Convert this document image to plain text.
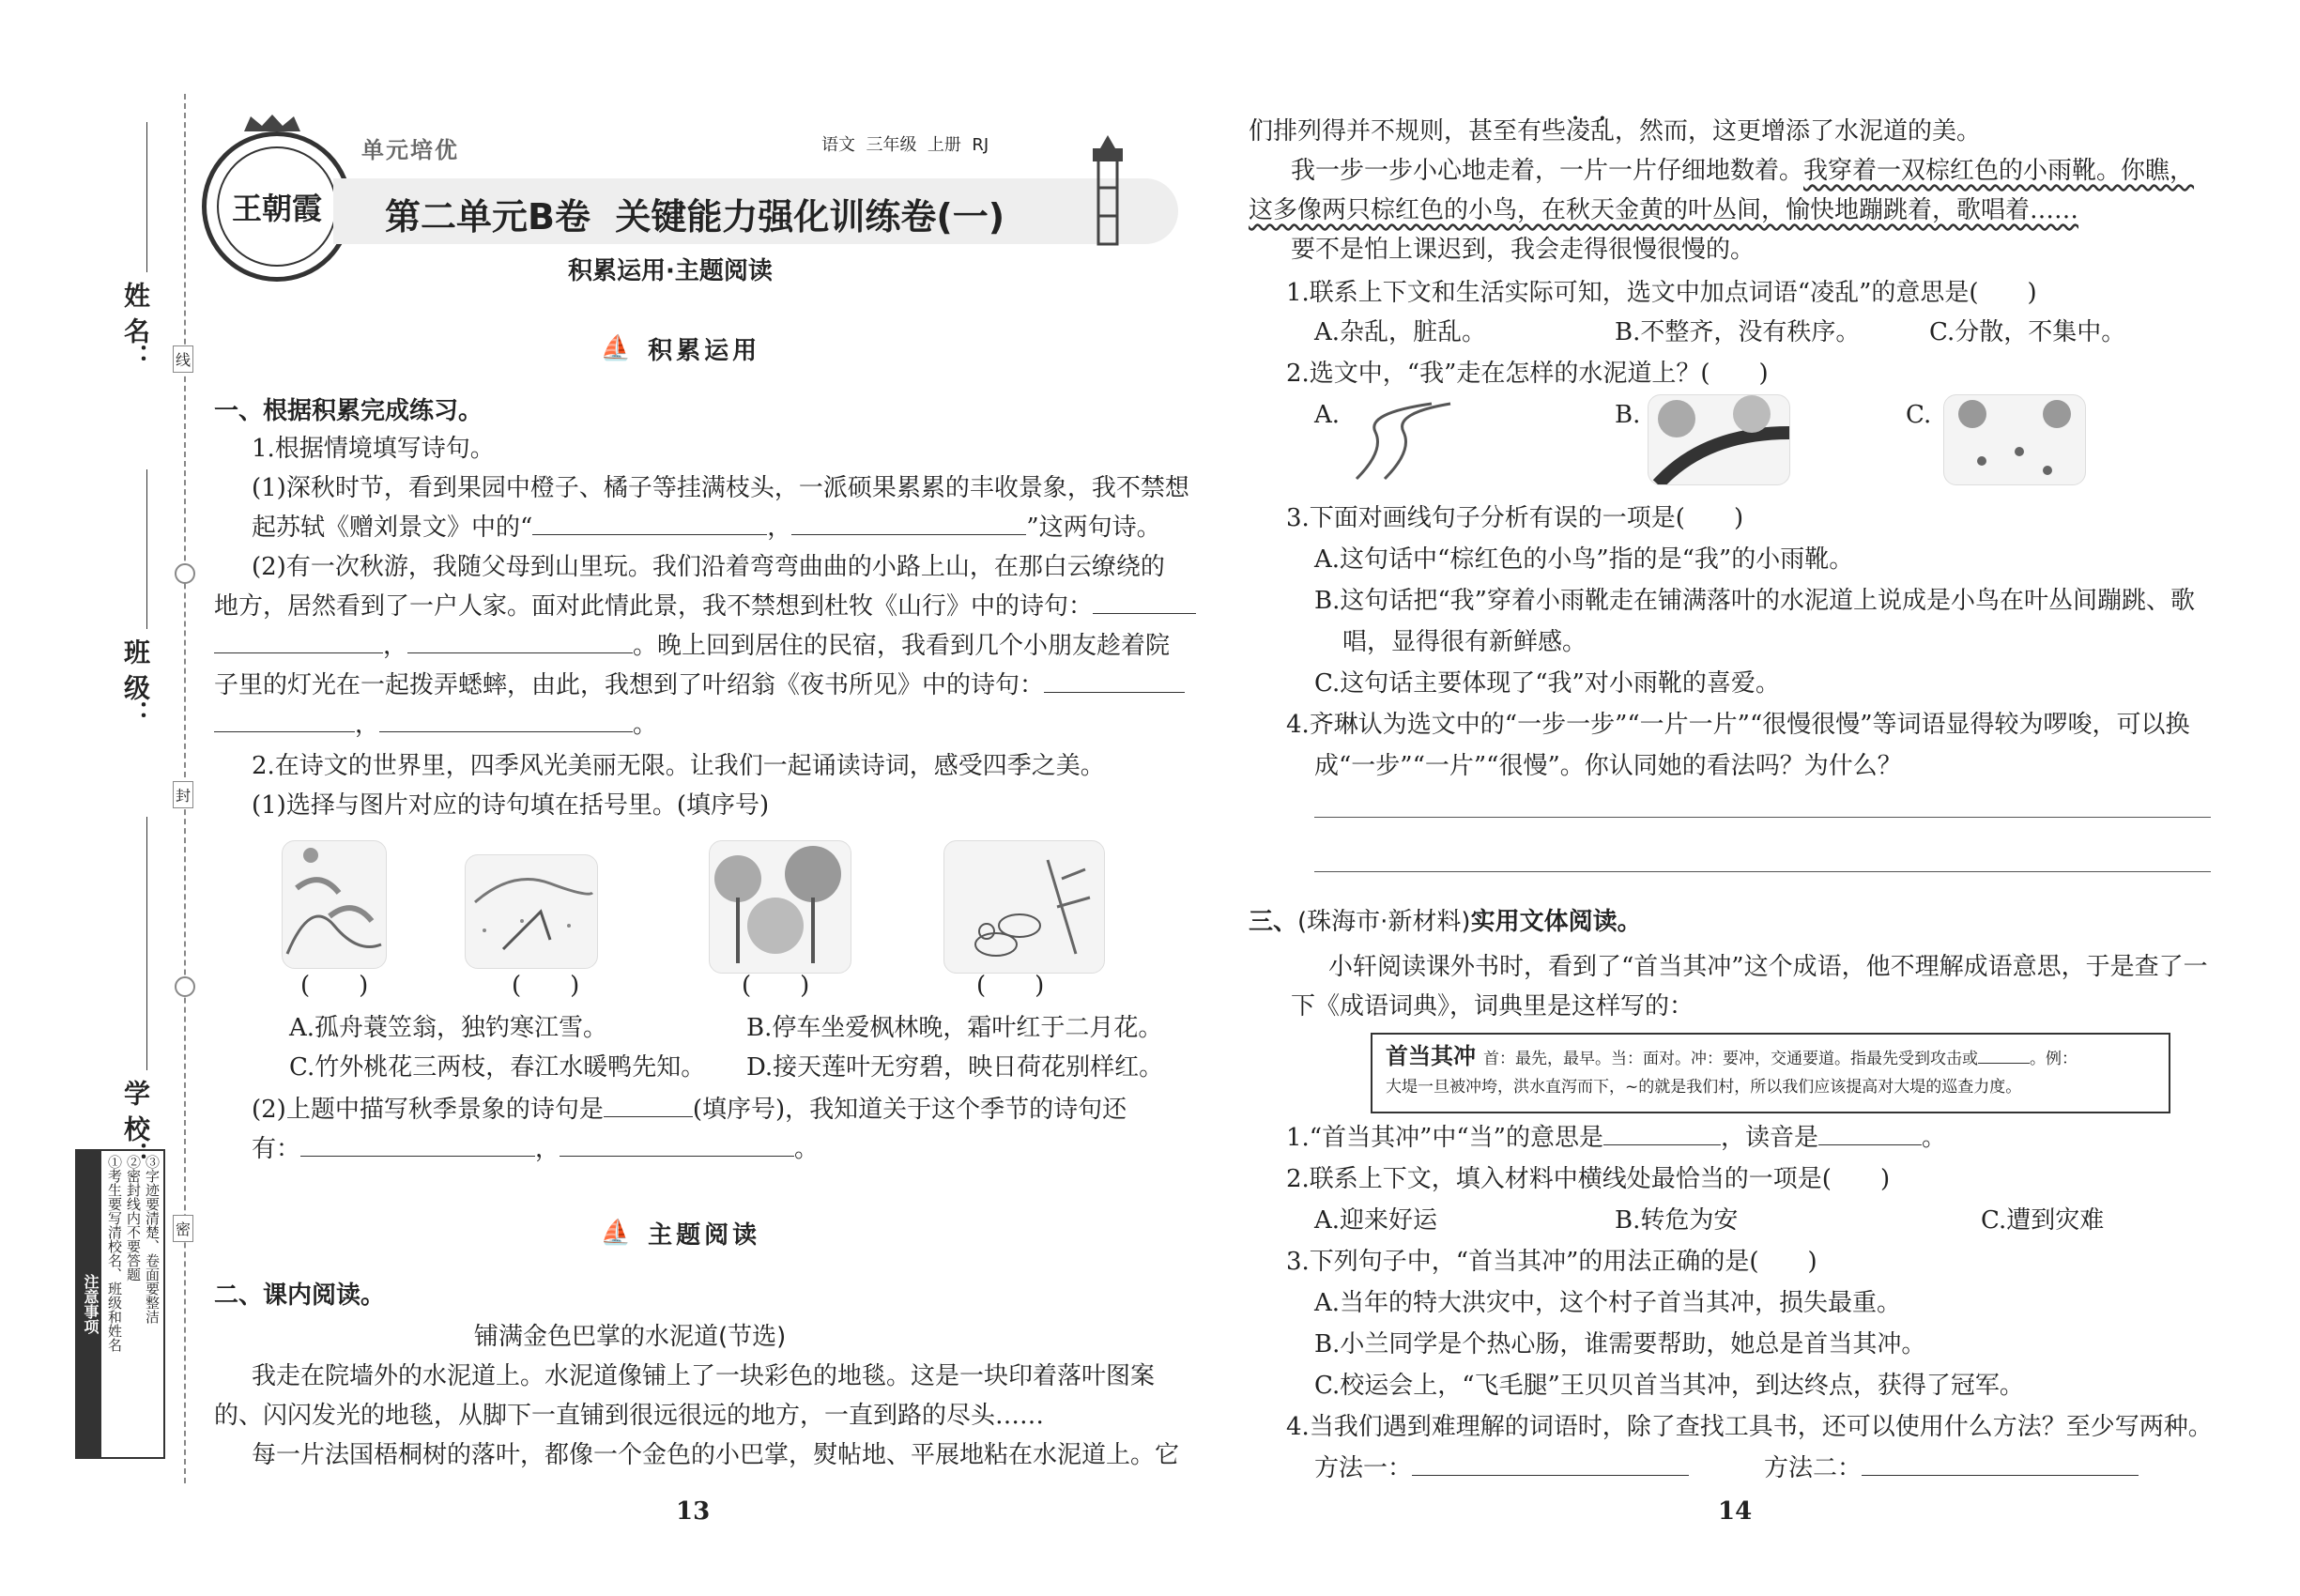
线
封
密
姓 名：
班 级：
学 校：
注意事项 ①考生要写清校名、班级和姓名 ②密封线内不要答题 ③字迹要清楚、卷面要整洁
王朝霞
单元培优	语文  三年级  上册  RJ
第二单元B卷  关键能力强化训练卷(一)
积累运用·主题阅读
⛵ 积累运用
一、根据积累完成练习。
1.根据情境填写诗句。
(1)深秋时节，看到果园中橙子、橘子等挂满枝头，一派硕果累累的丰收景象，我不禁想
起苏轼《赠刘景文》中的“	，	”这两句诗。
(2)有一次秋游，我随父母到山里玩。我们沿着弯弯曲曲的小路上山，在那白云缭绕的
地方，居然看到了一户人家。面对此情此景，我不禁想到杜牧《山行》中的诗句：
，	。晚上回到居住的民宿，我看到几个小朋友趁着院
子里的灯光在一起拨弄蟋蟀，由此，我想到了叶绍翁《夜书所见》中的诗句：
，	。
2.在诗文的世界里，四季风光美丽无限。让我们一起诵读诗词，感受四季之美。
(1)选择与图片对应的诗句填在括号里。(填序号)
(　　)	(　　)	(　　)	(　　)
A.孤舟蓑笠翁，独钓寒江雪。	B.停车坐爱枫林晚，霜叶红于二月花。
C.竹外桃花三两枝，春江水暖鸭先知。 D.接天莲叶无穷碧，映日荷花别样红。
(2)上题中描写秋季景象的诗句是	(填序号)，我知道关于这个季节的诗句还
有：	，	。
⛵ 主题阅读
二、课内阅读。
铺满金色巴掌的水泥道(节选)
我走在院墙外的水泥道上。水泥道像铺上了一块彩色的地毯。这是一块印着落叶图案
的、闪闪发光的地毯，从脚下一直铺到很远很远的地方，一直到路的尽头……
每一片法国梧桐树的落叶，都像一个金色的小巴掌，熨帖地、平展地粘在水泥道上。它
13
们排列得并不规则，甚至有些• • 凌乱，然而，这更增添了水泥道的美。
我一步一步小心地走着，一片一片仔细地数着。我穿着一双棕红色的小雨靴。你瞧，
这多像两只棕红色的小鸟，在秋天金黄的叶丛间，愉快地蹦跳着，歌唱着……
要不是怕上课迟到，我会走得很慢很慢的。
1.联系上下文和生活实际可知，选文中加点词语“凌乱”的意思是(　　)
A.杂乱，脏乱。	B.不整齐，没有秩序。	C.分散，不集中。
2.选文中，“我”走在怎样的水泥道上？(　　)
A.	B.	C.
3.下面对画线句子分析有误的一项是(　　)
A.这句话中“棕红色的小鸟”指的是“我”的小雨靴。
B.这句话把“我”穿着小雨靴走在铺满落叶的水泥道上说成是小鸟在叶丛间蹦跳、歌
唱，显得很有新鲜感。
C.这句话主要体现了“我”对小雨靴的喜爱。
4.齐琳认为选文中的“一步一步”“一片一片”“很慢很慢”等词语显得较为啰唆，可以换
成“一步”“一片”“很慢”。你认同她的看法吗？为什么？
三、(珠海市·新材料)实用文体阅读。
小轩阅读课外书时，看到了“首当其冲”这个成语，他不理解成语意思，于是查了一
下《成语词典》，词典里是这样写的：
首当其冲 首：最先，最早。当：面对。冲：要冲，交通要道。指最先受到攻击或	。例：
大堤一旦被冲垮，洪水直泻而下，~的就是我们村，所以我们应该提高对大堤的巡查力度。
1.“首当其冲”中“当”的意思是	，读音是	。
2.联系上下文，填入材料中横线处最恰当的一项是(　　)
A.迎来好运	B.转危为安	C.遭到灾难
3.下列句子中，“首当其冲”的用法正确的是(　　)
A.当年的特大洪灾中，这个村子首当其冲，损失最重。
B.小兰同学是个热心肠，谁需要帮助，她总是首当其冲。
C.校运会上，“飞毛腿”王贝贝首当其冲，到达终点，获得了冠军。
4.当我们遇到难理解的词语时，除了查找工具书，还可以使用什么方法？至少写两种。
方法一：	方法二：
14
